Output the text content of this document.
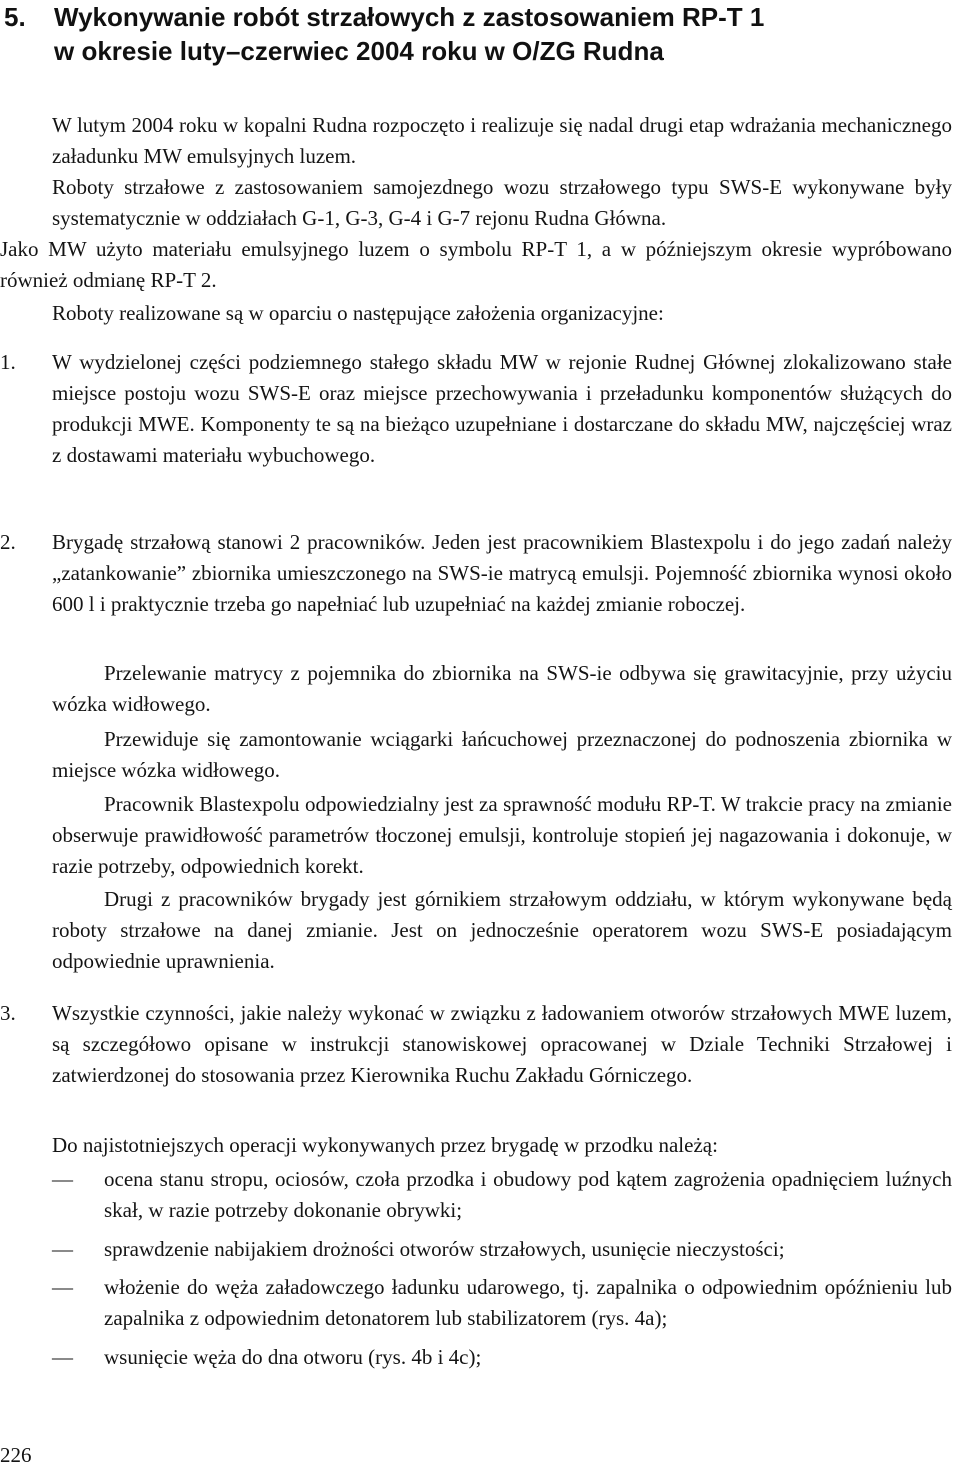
5. Wykonywanie robót strzałowych z zastosowaniem RP-T 1
w okresie luty–czerwiec 2004 roku w O/ZG Rudna

W lutym 2004 roku w kopalni Rudna rozpoczęto i realizuje się nadal drugi etap wdrażania mechanicznego załadunku MW emulsyjnych luzem.

Roboty strzałowe z zastosowaniem samojezdnego wozu strzałowego typu SWS-E wykonywane były systematycznie w oddziałach G-1, G-3, G-4 i G-7 rejonu Rudna Główna.

Jako MW użyto materiału emulsyjnego luzem o symbolu RP-T 1, a w późniejszym okresie wypróbowano również odmianę RP-T 2.

Roboty realizowane są w oparciu o następujące założenia organizacyjne:

1. W wydzielonej części podziemnego stałego składu MW w rejonie Rudnej Głównej zlokalizowano stałe miejsce postoju wozu SWS-E oraz miejsce przechowywania i przeładunku komponentów służących do produkcji MWE. Komponenty te są na bieżąco uzupełniane i dostarczane do składu MW, najczęściej wraz z dostawami materiału wybuchowego.

2. Brygadę strzałową stanowi 2 pracowników. Jeden jest pracownikiem Blastexpolu i do jego zadań należy „zatankowanie” zbiornika umieszczonego na SWS-ie matrycą emulsji. Pojemność zbiornika wynosi około 600 l i praktycznie trzeba go napełniać lub uzupełniać na każdej zmianie roboczej.

Przelewanie matrycy z pojemnika do zbiornika na SWS-ie odbywa się grawitacyjnie, przy użyciu wózka widłowego.

Przewiduje się zamontowanie wciągarki łańcuchowej przeznaczonej do podnoszenia zbiornika w miejsce wózka widłowego.

Pracownik Blastexpolu odpowiedzialny jest za sprawność modułu RP-T. W trakcie pracy na zmianie obserwuje prawidłowość parametrów tłoczonej emulsji, kontroluje stopień jej nagazowania i dokonuje, w razie potrzeby, odpowiednich korekt.

Drugi z pracowników brygady jest górnikiem strzałowym oddziału, w którym wykonywane będą roboty strzałowe na danej zmianie. Jest on jednocześnie operatorem wozu SWS-E posiadającym odpowiednie uprawnienia.

3. Wszystkie czynności, jakie należy wykonać w związku z ładowaniem otworów strzałowych MWE luzem, są szczegółowo opisane w instrukcji stanowiskowej opracowanej w Dziale Techniki Strzałowej i zatwierdzonej do stosowania przez Kierownika Ruchu Zakładu Górniczego.

Do najistotniejszych operacji wykonywanych przez brygadę w przodku należą:

— ocena stanu stropu, ociosów, czoła przodka i obudowy pod kątem zagrożenia opadnięciem luźnych skał, w razie potrzeby dokonanie obrywki;

— sprawdzenie nabijakiem drożności otworów strzałowych, usunięcie nieczystości;

— włożenie do węża załadowczego ładunku udarowego, tj. zapalnika o odpowiednim opóźnieniu lub zapalnika z odpowiednim detonatorem lub stabilizatorem (rys. 4a);

— wsunięcie węża do dna otworu (rys. 4b i 4c);

226
